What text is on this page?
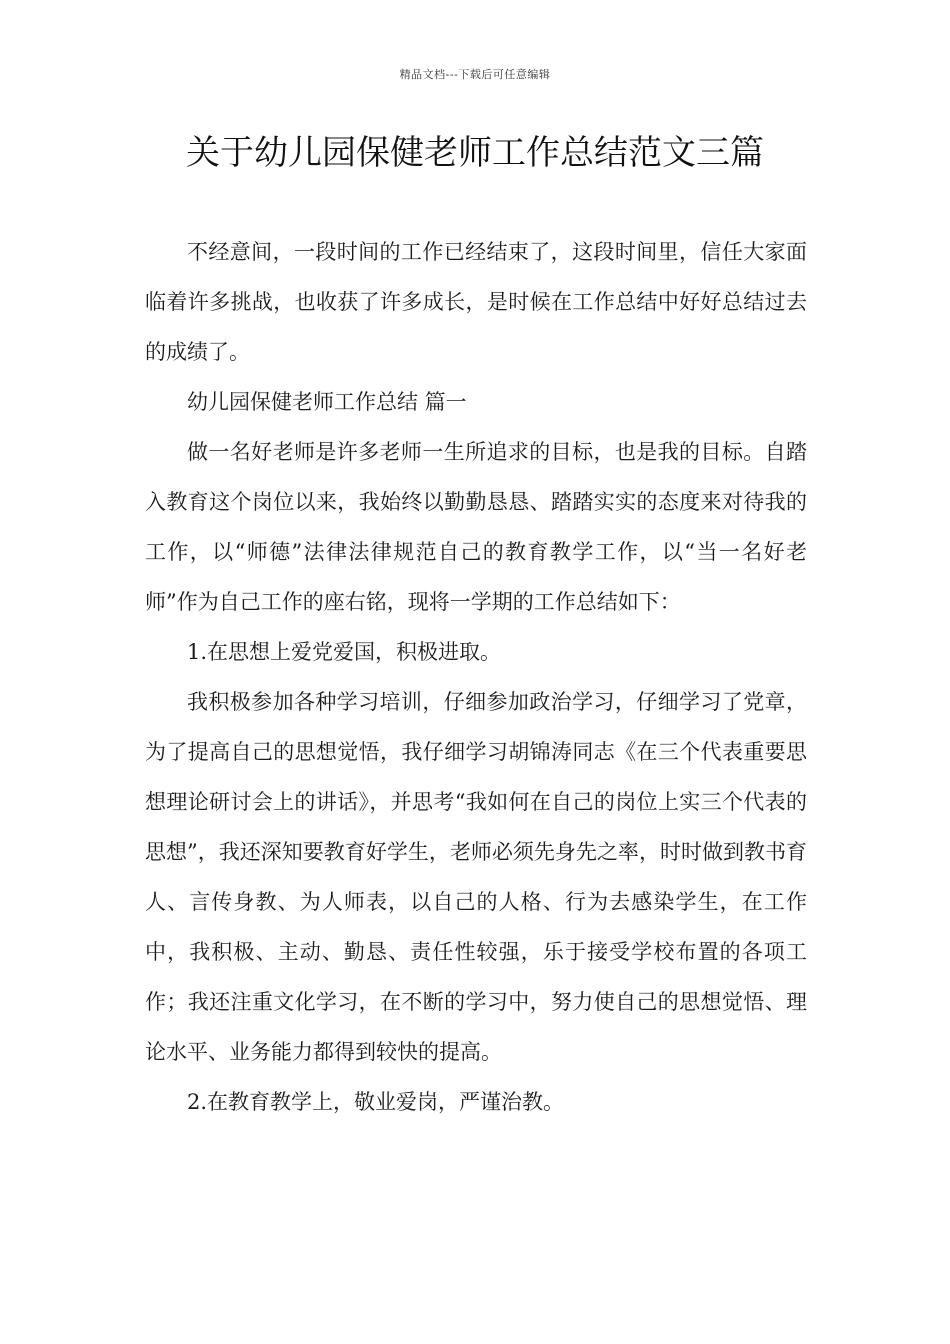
精品文档---下载后可任意编辑
关于幼儿园保健老师工作总结范文三篇

不经意间，一段时间的工作已经结束了，这段时间里，信任大家面临着许多挑战，也收获了许多成长，是时候在工作总结中好好总结过去的成绩了。

幼儿园保健老师工作总结 篇一

做一名好老师是许多老师一生所追求的目标，也是我的目标。自踏入教育这个岗位以来，我始终以勤勤恳恳、踏踏实实的态度来对待我的工作，以“师德”法律法律规范自己的教育教学工作，以“当一名好老师”作为自己工作的座右铭，现将一学期的工作总结如下：

1.在思想上爱党爱国，积极进取。

我积极参加各种学习培训，仔细参加政治学习，仔细学习了党章，为了提高自己的思想觉悟，我仔细学习胡锦涛同志《在三个代表重要思想理论研讨会上的讲话》，并思考“我如何在自己的岗位上实三个代表的思想”，我还深知要教育好学生，老师必须先身先之率，时时做到教书育人、言传身教、为人师表，以自己的人格、行为去感染学生，在工作中，我积极、主动、勤恳、责任性较强，乐于接受学校布置的各项工作；我还注重文化学习，在不断的学习中，努力使自己的思想觉悟、理论水平、业务能力都得到较快的提高。

2.在教育教学上，敬业爱岗，严谨治教。
